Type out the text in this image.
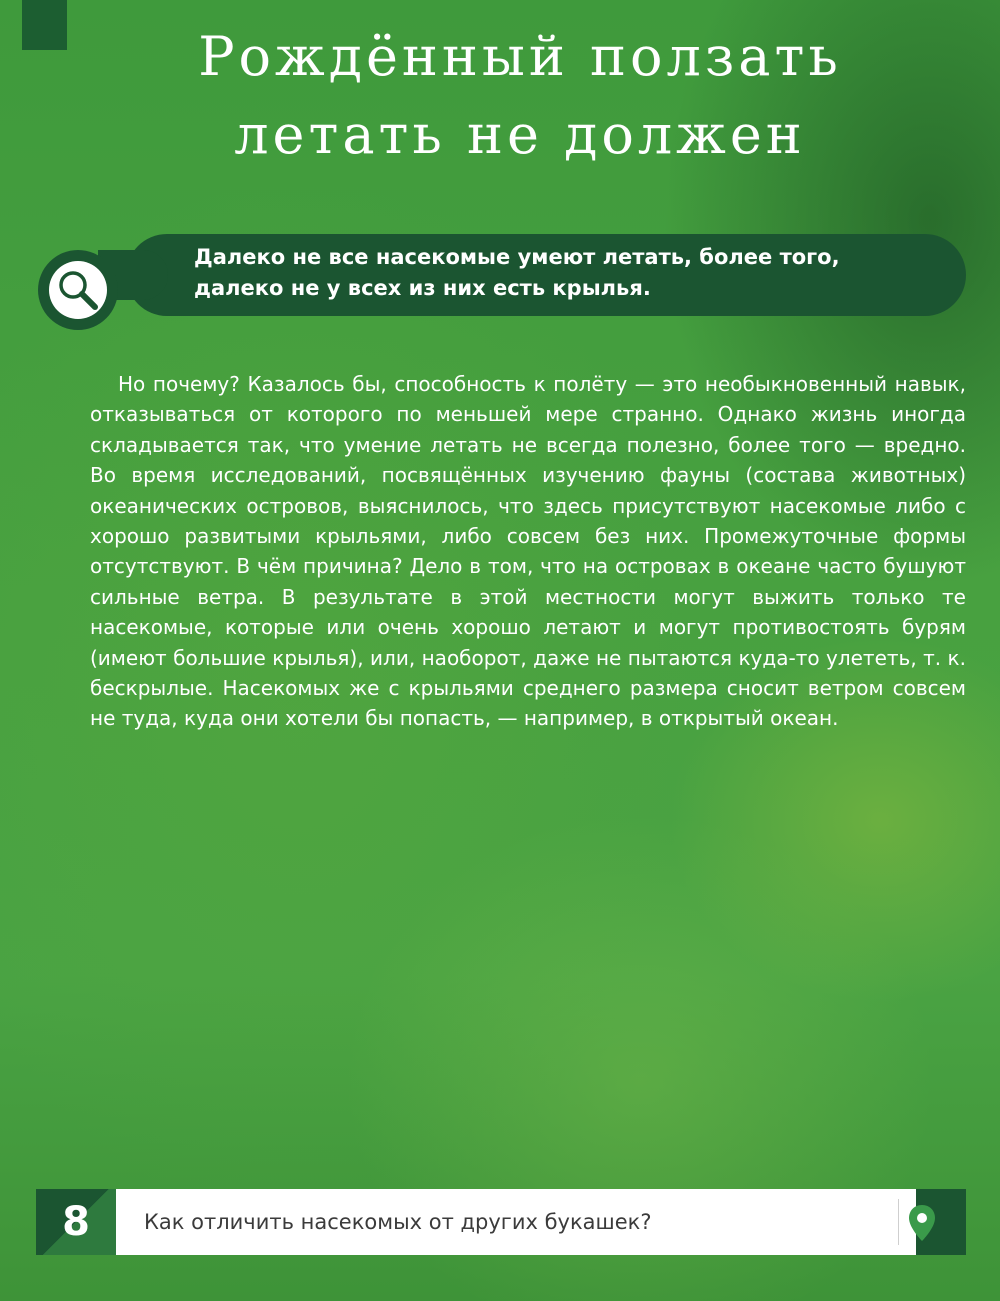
Рождённый ползать
летать не должен
Далеко не все насекомые умеют летать, более того, далеко не у всех из них есть крылья.

Но почему? Казалось бы, способность к полёту — это необыкновенный навык, отказываться от которого по меньшей мере странно. Однако жизнь иногда складывается так, что умение летать не всегда полезно, более того — вредно. Во время исследований, посвящённых изучению фауны (состава животных) океанических островов, выяснилось, что здесь присутствуют насекомые либо с хорошо развитыми крыльями, либо совсем без них. Промежуточные формы отсутствуют. В чём причина? Дело в том, что на островах в океане часто бушуют сильные ветра. В результате в этой местности могут выжить только те насекомые, которые или очень хорошо летают и могут противостоять бурям (имеют большие крылья), или, наоборот, даже не пытаются куда-то улететь, т. к. бескрылые. Насекомых же с крыльями среднего размера сносит ветром совсем не туда, куда они хотели бы попасть, — например, в открытый океан.

8	Как отличить насекомых от других букашек?
